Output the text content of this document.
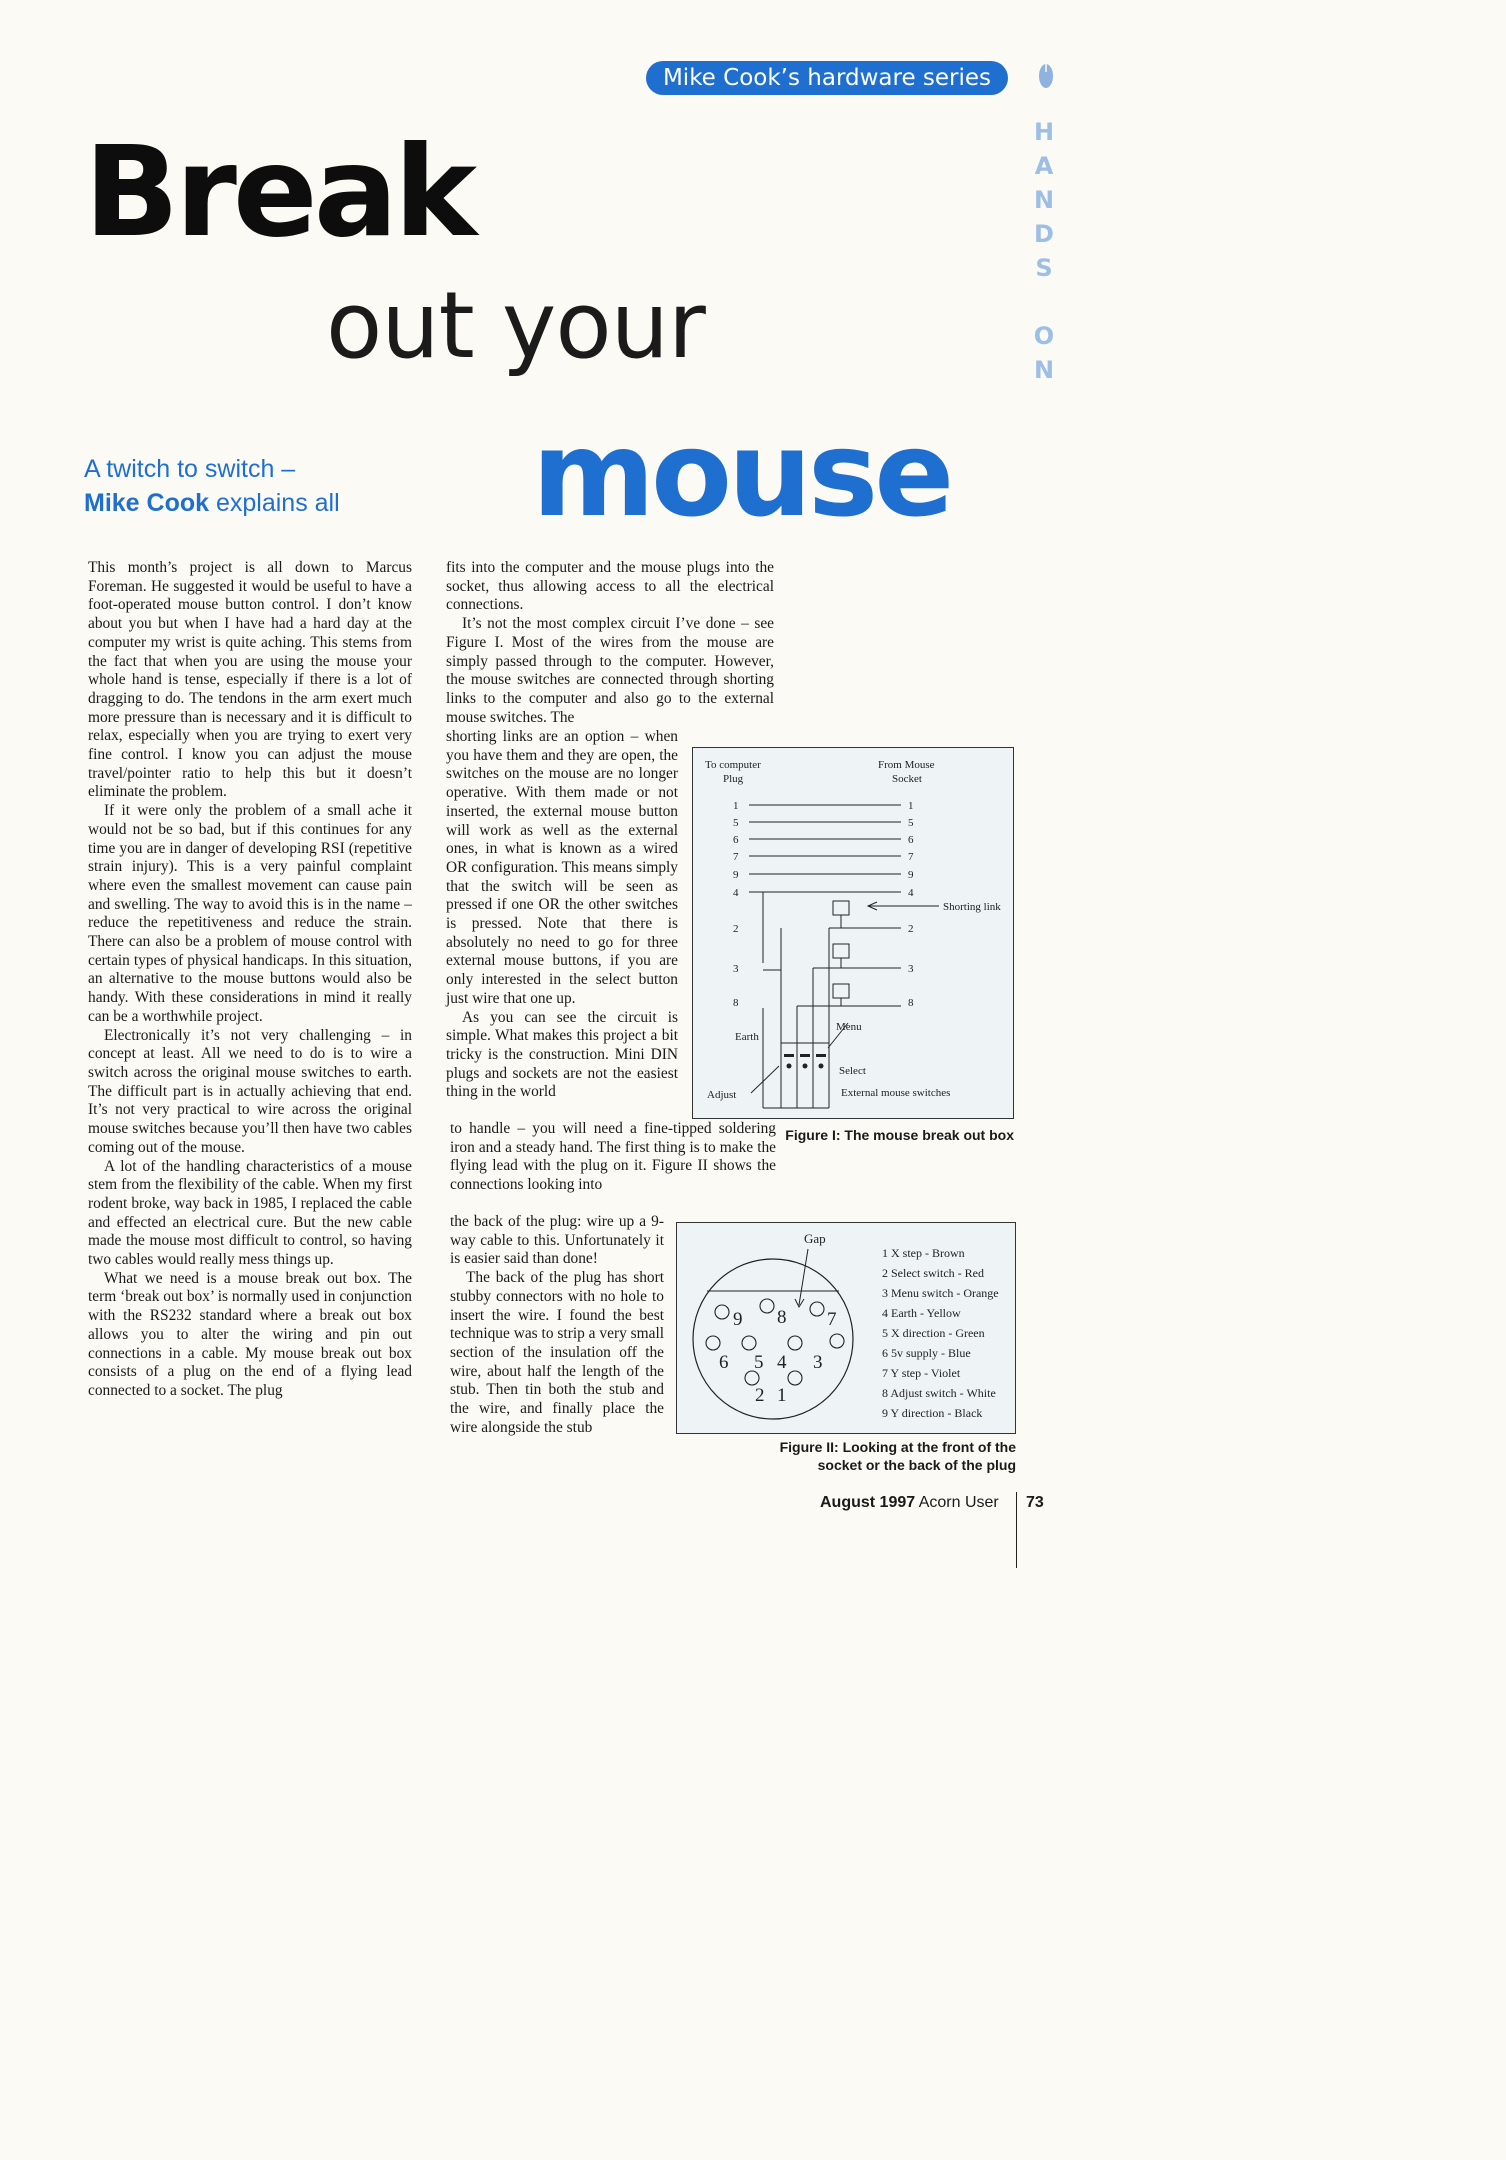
Mike Cook’s hardware series
HANDS ON
Break
out your
mouse
A twitch to switch –
Mike Cook explains all

This month’s project is all down to Marcus Foreman. He suggested it would be useful to have a foot-operated mouse button control. I don’t know about you but when I have had a hard day at the computer my wrist is quite aching. This stems from the fact that when you are using the mouse your whole hand is tense, especially if there is a lot of dragging to do. The tendons in the arm exert much more pressure than is necessary and it is difficult to relax, especially when you are trying to exert very fine control. I know you can adjust the mouse travel/pointer ratio to help this but it doesn’t eliminate the problem.

If it were only the problem of a small ache it would not be so bad, but if this continues for any time you are in danger of developing RSI (repetitive strain injury). This is a very painful complaint where even the smallest movement can cause pain and swelling. The way to avoid this is in the name – reduce the repetitiveness and reduce the strain. There can also be a problem of mouse control with certain types of physical handicaps. In this situation, an alternative to the mouse buttons would also be handy. With these considerations in mind it really can be a worthwhile project.

Electronically it’s not very challenging – in concept at least. All we need to do is to wire a switch across the original mouse switches to earth. The difficult part is in actually achieving that end. It’s not very practical to wire across the original mouse switches because you’ll then have two cables coming out of the mouse.

A lot of the handling characteristics of a mouse stem from the flexibility of the cable. When my first rodent broke, way back in 1985, I replaced the cable and effected an electrical cure. But the new cable made the mouse most difficult to control, so having two cables would really mess things up.

What we need is a mouse break out box. The term ‘break out box’ is normally used in conjunction with the RS232 standard where a break out box allows you to alter the wiring and pin out connections in a cable. My mouse break out box consists of a plug on the end of a flying lead connected to a socket. The plug

fits into the computer and the mouse plugs into the socket, thus allowing access to all the electrical connections.

It’s not the most complex circuit I’ve done – see Figure I. Most of the wires from the mouse are simply passed through to the computer. However, the mouse switches are connected through shorting links to the computer and also go to the external mouse switches. The

shorting links are an option – when you have them and they are open, the switches on the mouse are no longer operative. With them made or not inserted, the external mouse button will work as well as the external ones, in what is known as a wired OR configuration. This means simply that the switch will be seen as pressed if one OR the other switches is pressed. Note that there is absolutely no need to go for three external mouse buttons, if you are only interested in the select button just wire that one up.

As you can see the circuit is simple. What makes this project a bit tricky is the construction. Mini DIN plugs and sockets are not the easiest thing in the world

to handle – you will need a fine-tipped soldering iron and a steady hand. The first thing is to make the flying lead with the plug on it. Figure II shows the connections looking into

the back of the plug: wire up a 9-way cable to this. Unfortunately it is easier said than done!

The back of the plug has short stubby connectors with no hole to insert the wire. I found the best technique was to strip a very small section of the insulation off the wire, about half the length of the stub. Then tin both the stub and the wire, and finally place the wire alongside the stub

To computer
Plug
From Mouse
Socket
1	1
5	5
6	6
7	7
9	9
4	4
2	2
3	3
8	8
Earth
Adjust
Shorting link
Menu
Select
External mouse switches
Figure I: The mouse break out box
Gap
9 8 7
6 5 4 3
2 1
1 X step - Brown
2 Select switch - Red
3 Menu switch - Orange
4 Earth - Yellow
5 X direction - Green
6 5v supply - Blue
7 Y step - Violet
8 Adjust switch - White
9 Y direction - Black
Figure II: Looking at the front of the
socket or the back of the plug
August 1997 Acorn User 73
